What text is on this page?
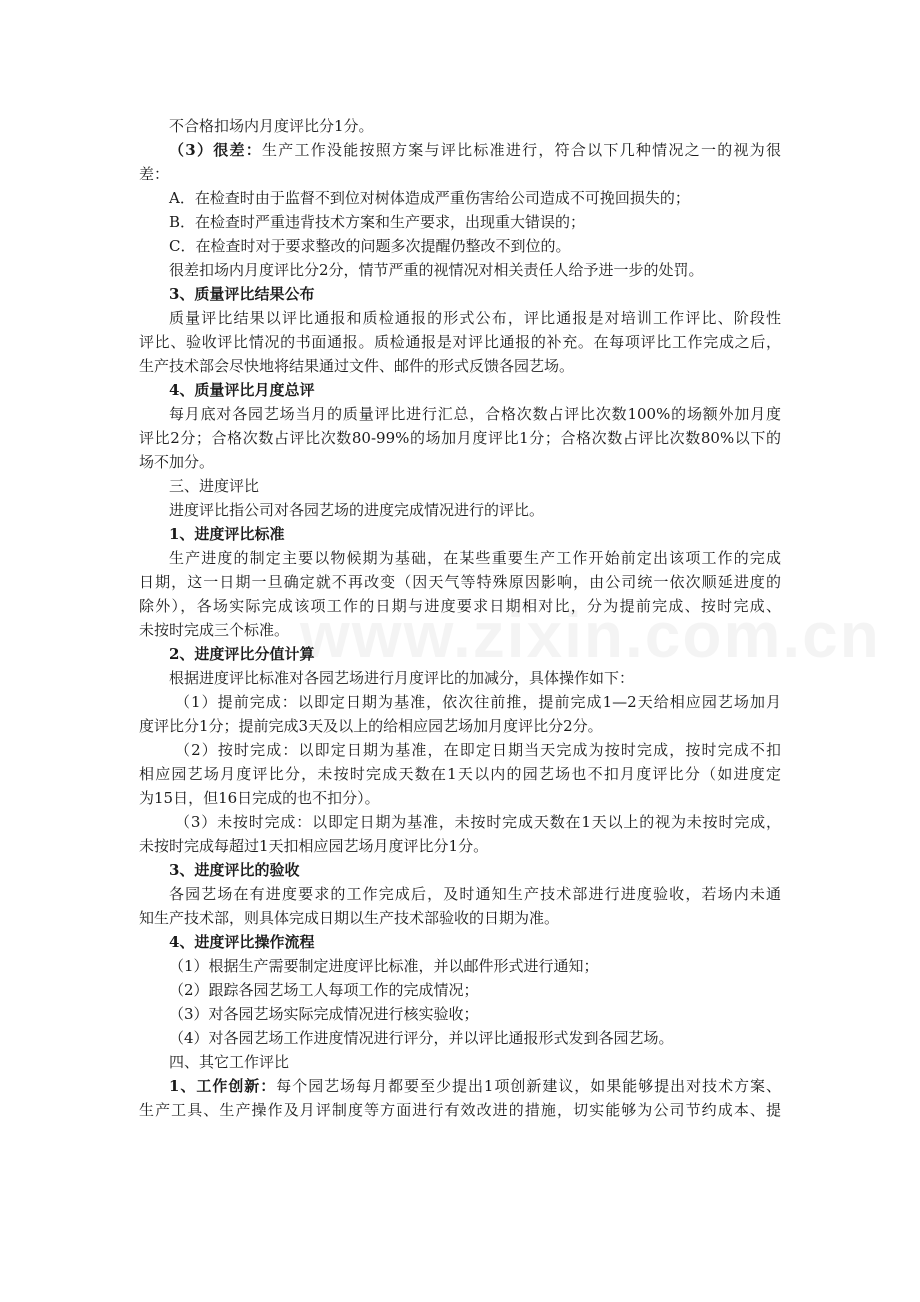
不合格扣场内月度评比分1分。
（3）很差：生产工作没能按照方案与评比标准进行，符合以下几种情况之一的视为很
差：
A．在检查时由于监督不到位对树体造成严重伤害给公司造成不可挽回损失的；
B．在检查时严重违背技术方案和生产要求，出现重大错误的；
C．在检查时对于要求整改的问题多次提醒仍整改不到位的。
很差扣场内月度评比分2分，情节严重的视情况对相关责任人给予进一步的处罚。
3、质量评比结果公布
质量评比结果以评比通报和质检通报的形式公布，评比通报是对培训工作评比、阶段性
评比、验收评比情况的书面通报。质检通报是对评比通报的补充。在每项评比工作完成之后，
生产技术部会尽快地将结果通过文件、邮件的形式反馈各园艺场。
4、质量评比月度总评
每月底对各园艺场当月的质量评比进行汇总，合格次数占评比次数100%的场额外加月度
评比2分；合格次数占评比次数80-99%的场加月度评比1分；合格次数占评比次数80%以下的
场不加分。
三、进度评比
进度评比指公司对各园艺场的进度完成情况进行的评比。
1、进度评比标准
生产进度的制定主要以物候期为基础，在某些重要生产工作开始前定出该项工作的完成
日期，这一日期一旦确定就不再改变（因天气等特殊原因影响，由公司统一依次顺延进度的
除外），各场实际完成该项工作的日期与进度要求日期相对比，分为提前完成、按时完成、
未按时完成三个标准。
2、进度评比分值计算
根据进度评比标准对各园艺场进行月度评比的加减分，具体操作如下：
（1）提前完成：以即定日期为基准，依次往前推，提前完成1—2天给相应园艺场加月
度评比分1分；提前完成3天及以上的给相应园艺场加月度评比分2分。
（2）按时完成：以即定日期为基准，在即定日期当天完成为按时完成，按时完成不扣
相应园艺场月度评比分，未按时完成天数在1天以内的园艺场也不扣月度评比分（如进度定
为15日，但16日完成的也不扣分）。
（3）未按时完成：以即定日期为基准，未按时完成天数在1天以上的视为未按时完成，
未按时完成每超过1天扣相应园艺场月度评比分1分。
3、进度评比的验收
各园艺场在有进度要求的工作完成后，及时通知生产技术部进行进度验收，若场内未通
知生产技术部，则具体完成日期以生产技术部验收的日期为准。
4、进度评比操作流程
（1）根据生产需要制定进度评比标准，并以邮件形式进行通知；
（2）跟踪各园艺场工人每项工作的完成情况；
（3）对各园艺场实际完成情况进行核实验收；
（4）对各园艺场工作进度情况进行评分，并以评比通报形式发到各园艺场。
四、其它工作评比
1、工作创新：每个园艺场每月都要至少提出1项创新建议，如果能够提出对技术方案、
生产工具、生产操作及月评制度等方面进行有效改进的措施，切实能够为公司节约成本、提
